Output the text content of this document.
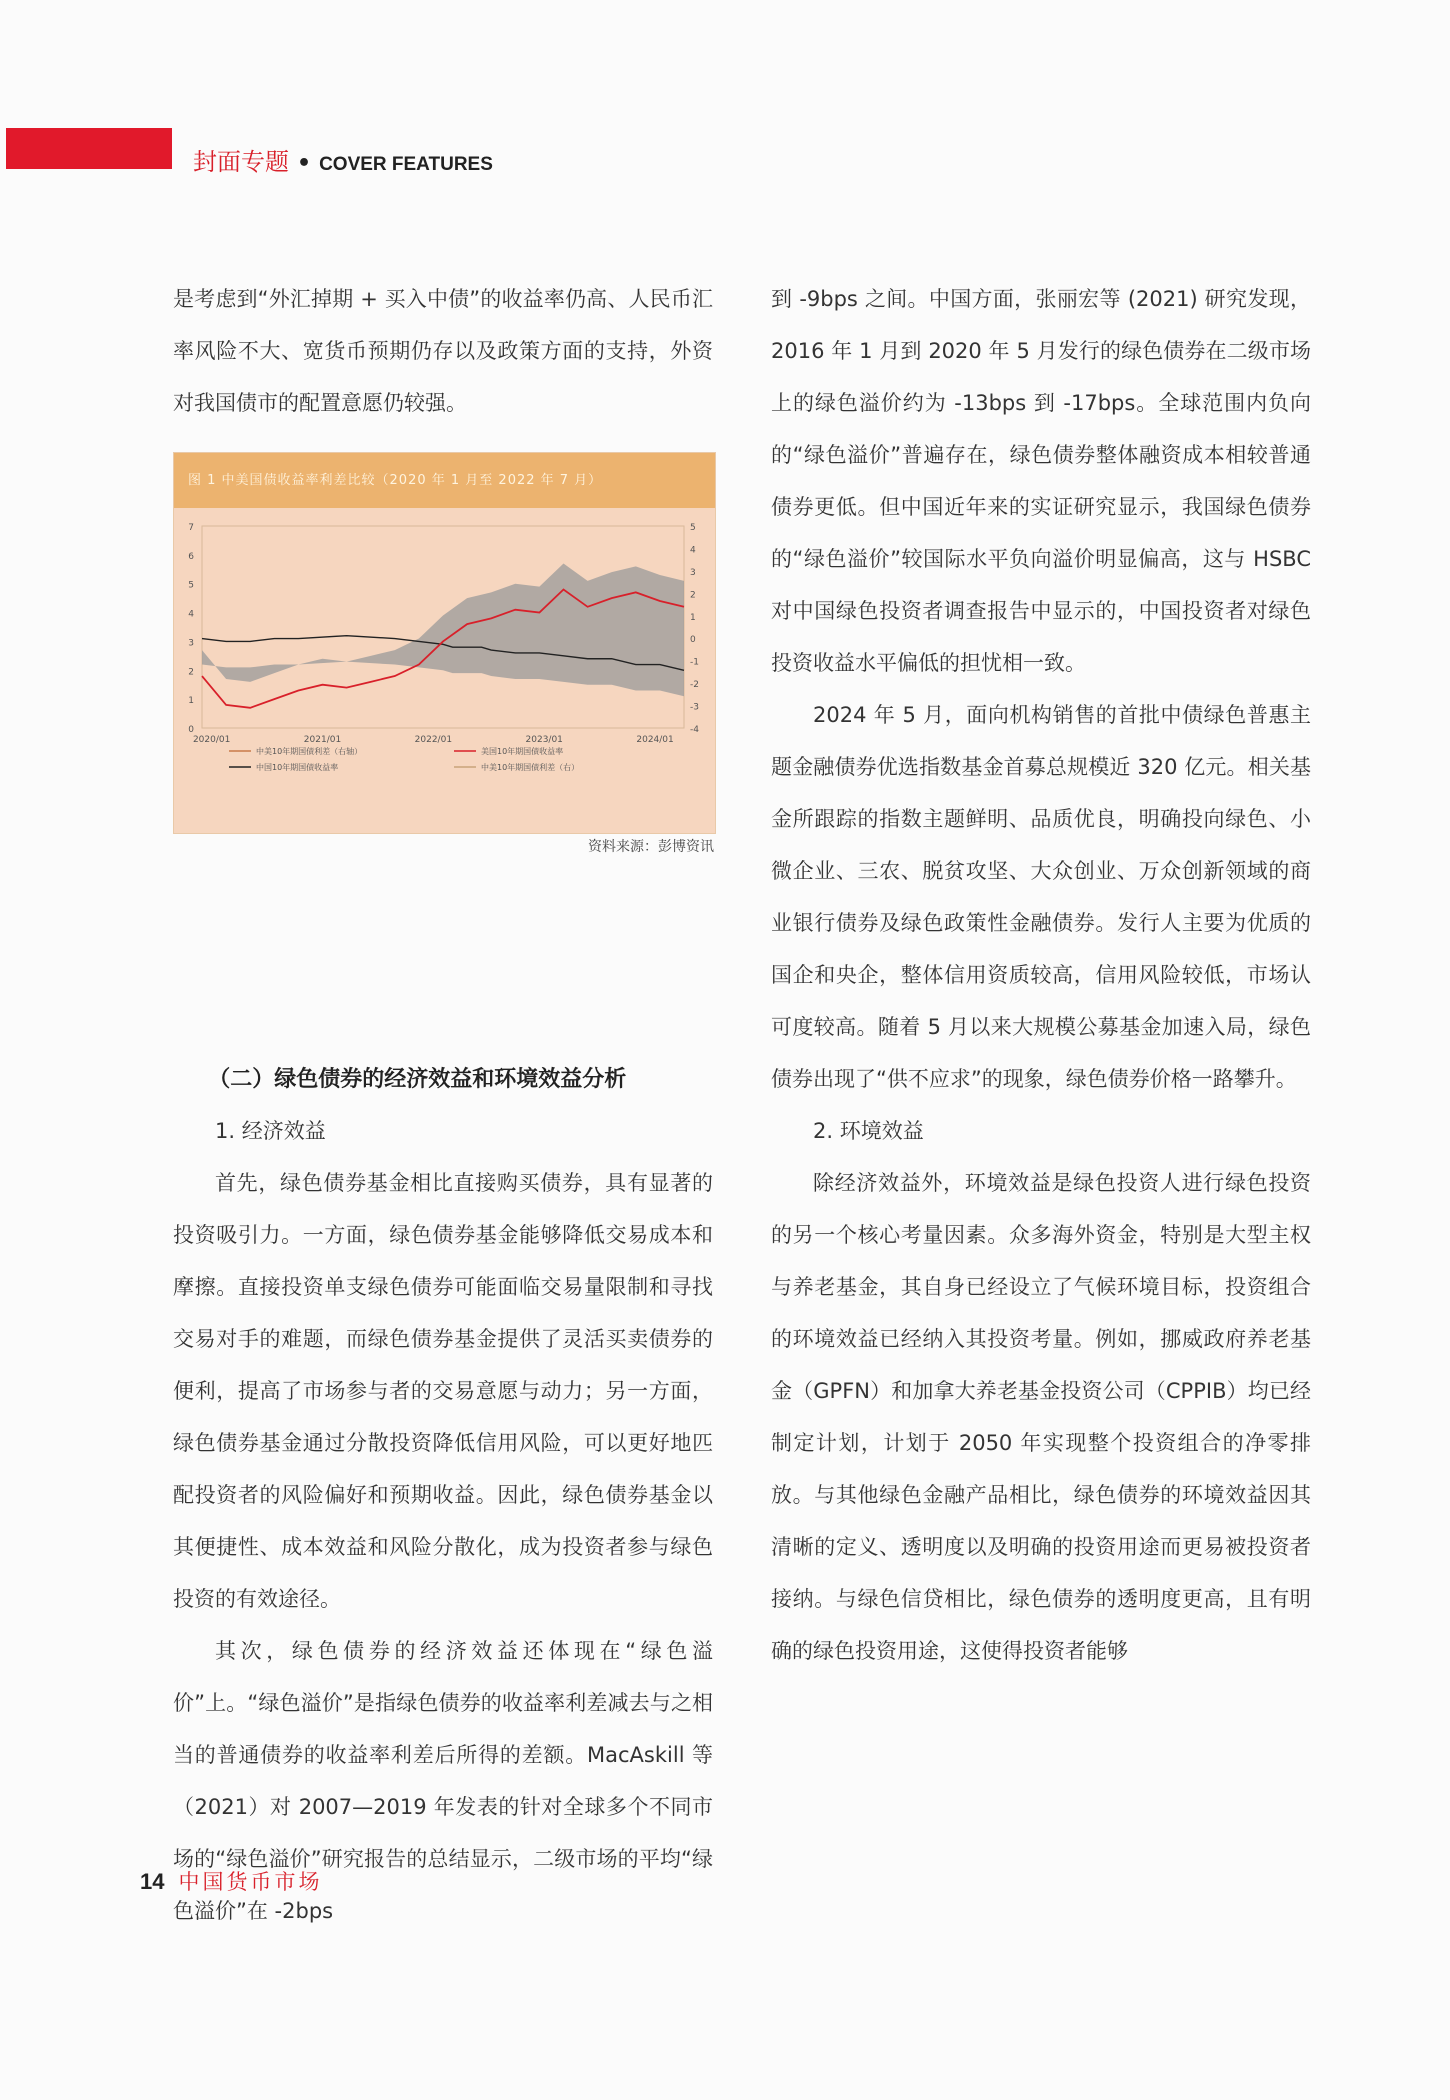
封面专题 • COVER FEATURES

是考虑到“外汇掉期 + 买入中债”的收益率仍高、人民币汇率风险不大、宽货币预期仍存以及政策方面的支持，外资对我国债市的配置意愿仍较强。

（二）绿色债券的经济效益和环境效益分析

1. 经济效益

首先，绿色债券基金相比直接购买债券，具有显著的投资吸引力。一方面，绿色债券基金能够降低交易成本和摩擦。直接投资单支绿色债券可能面临交易量限制和寻找交易对手的难题，而绿色债券基金提供了灵活买卖债券的便利，提高了市场参与者的交易意愿与动力；另一方面，绿色债券基金通过分散投资降低信用风险，可以更好地匹配投资者的风险偏好和预期收益。因此，绿色债券基金以其便捷性、成本效益和风险分散化，成为投资者参与绿色投资的有效途径。

其次，绿色债券的经济效益还体现在“绿色溢价”上。“绿色溢价”是指绿色债券的收益率利差减去与之相当的普通债券的收益率利差后所得的差额。MacAskill 等（2021）对 2007—2019 年发表的针对全球多个不同市场的“绿色溢价”研究报告的总结显示，二级市场的平均“绿色溢价”在 -2bps

图 1 中美国债收益率利差比较（2020 年 1 月至 2022 年 7 月）
0
1
2
3
4
5
6
7
-4
-3
-2
-1
0
1
2
3
4
5
2020/01	2021/01	2022/01	2023/01	2024/01
中美10年期国债利差（右轴）	美国10年期国债收益率
中国10年期国债收益率	中美10年期国债利差（右）
资料来源：彭博资讯

到 -9bps 之间。中国方面，张丽宏等 (2021) 研究发现，2016 年 1 月到 2020 年 5 月发行的绿色债券在二级市场上的绿色溢价约为 -13bps 到 -17bps。全球范围内负向的“绿色溢价”普遍存在，绿色债券整体融资成本相较普通债券更低。但中国近年来的实证研究显示，我国绿色债券的“绿色溢价”较国际水平负向溢价明显偏高，这与 HSBC 对中国绿色投资者调查报告中显示的，中国投资者对绿色投资收益水平偏低的担忧相一致。

2024 年 5 月，面向机构销售的首批中债绿色普惠主题金融债券优选指数基金首募总规模近 320 亿元。相关基金所跟踪的指数主题鲜明、品质优良，明确投向绿色、小微企业、三农、脱贫攻坚、大众创业、万众创新领域的商业银行债券及绿色政策性金融债券。发行人主要为优质的国企和央企，整体信用资质较高，信用风险较低，市场认可度较高。随着 5 月以来大规模公募基金加速入局，绿色债券出现了“供不应求”的现象，绿色债券价格一路攀升。

2. 环境效益

除经济效益外，环境效益是绿色投资人进行绿色投资的另一个核心考量因素。众多海外资金，特别是大型主权与养老基金，其自身已经设立了气候环境目标，投资组合的环境效益已经纳入其投资考量。例如，挪威政府养老基金（GPFN）和加拿大养老基金投资公司（CPPIB）均已经制定计划，计划于 2050 年实现整个投资组合的净零排放。与其他绿色金融产品相比，绿色债券的环境效益因其清晰的定义、透明度以及明确的投资用途而更易被投资者接纳。与绿色信贷相比，绿色债券的透明度更高，且有明确的绿色投资用途，这使得投资者能够

14 中国货币市场
